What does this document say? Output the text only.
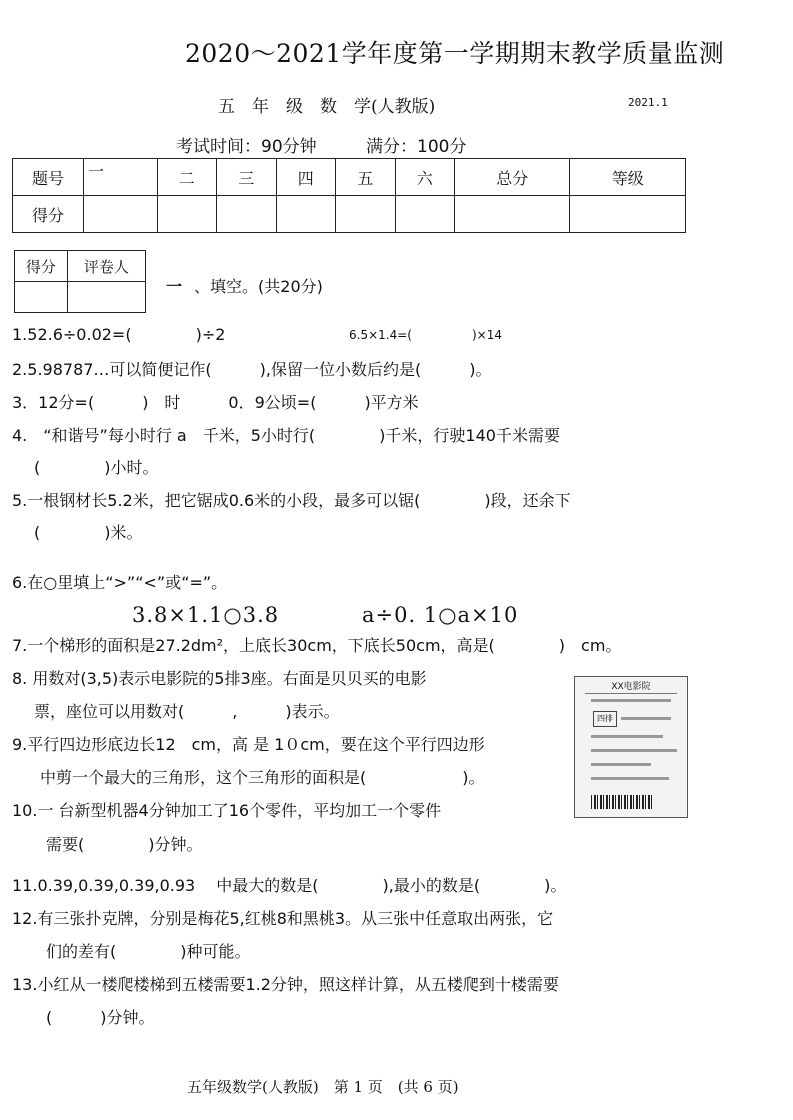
2020～2021学年度第一学期期末教学质量监测
五　年　级　数　学(人教版)	2021.1
考试时间：90分钟	满分：100分
题号	一	二	三	四	五	六	总分	等级
得分								
得分	评卷人

一 、填空。(共20分)
1.52.6÷0.02=(　　　　)÷2	6.5×1.4=(　　　　　)×14
2.5.98787…可以简便记作(　　　),保留一位小数后约是(　　　)。
3．12分=(　　　)　时　　　0．9公顷=(　　　)平方米
4.　“和谐号”每小时行 a　千米，5小时行(　　　　)千米，行驶140千米需要
(　　　　)小时。
5.一根钢材长5.2米，把它锯成0.6米的小段，最多可以锯(　　　　)段，还余下
(　　　　)米。
6.在○里填上“>”“<”或“=”。
3.8×1.1○3.8	a÷0. 1○a×10
7.一个梯形的面积是27.2dm²，上底长30cm，下底长50cm，高是(　　　　)　cm。
8. 用数对(3,5)表示电影院的5排3座。右面是贝贝买的电影
票，座位可以用数对(　　　,　　　)表示。
9.平行四边形底边长12　cm，高 是 1０cm，要在这个平行四边形
中剪一个最大的三角形，这个三角形的面积是(　　　　　　)。
10.一 台新型机器4分钟加工了16个零件，平均加工一个零件
需要(　　　　)分钟。
11.0.39,0.39,0.39,0.93　 中最大的数是(　　　　),最小的数是(　　　　)。
12.有三张扑克牌，分别是梅花5,红桃8和黑桃3。从三张中任意取出两张，它
们的差有(　　　　)种可能。
13.小红从一楼爬楼梯到五楼需要1.2分钟，照这样计算，从五楼爬到十楼需要
(　　　)分钟。
XX电影院
四排
五年级数学(人教版)　第 1 页　(共 6 页)
